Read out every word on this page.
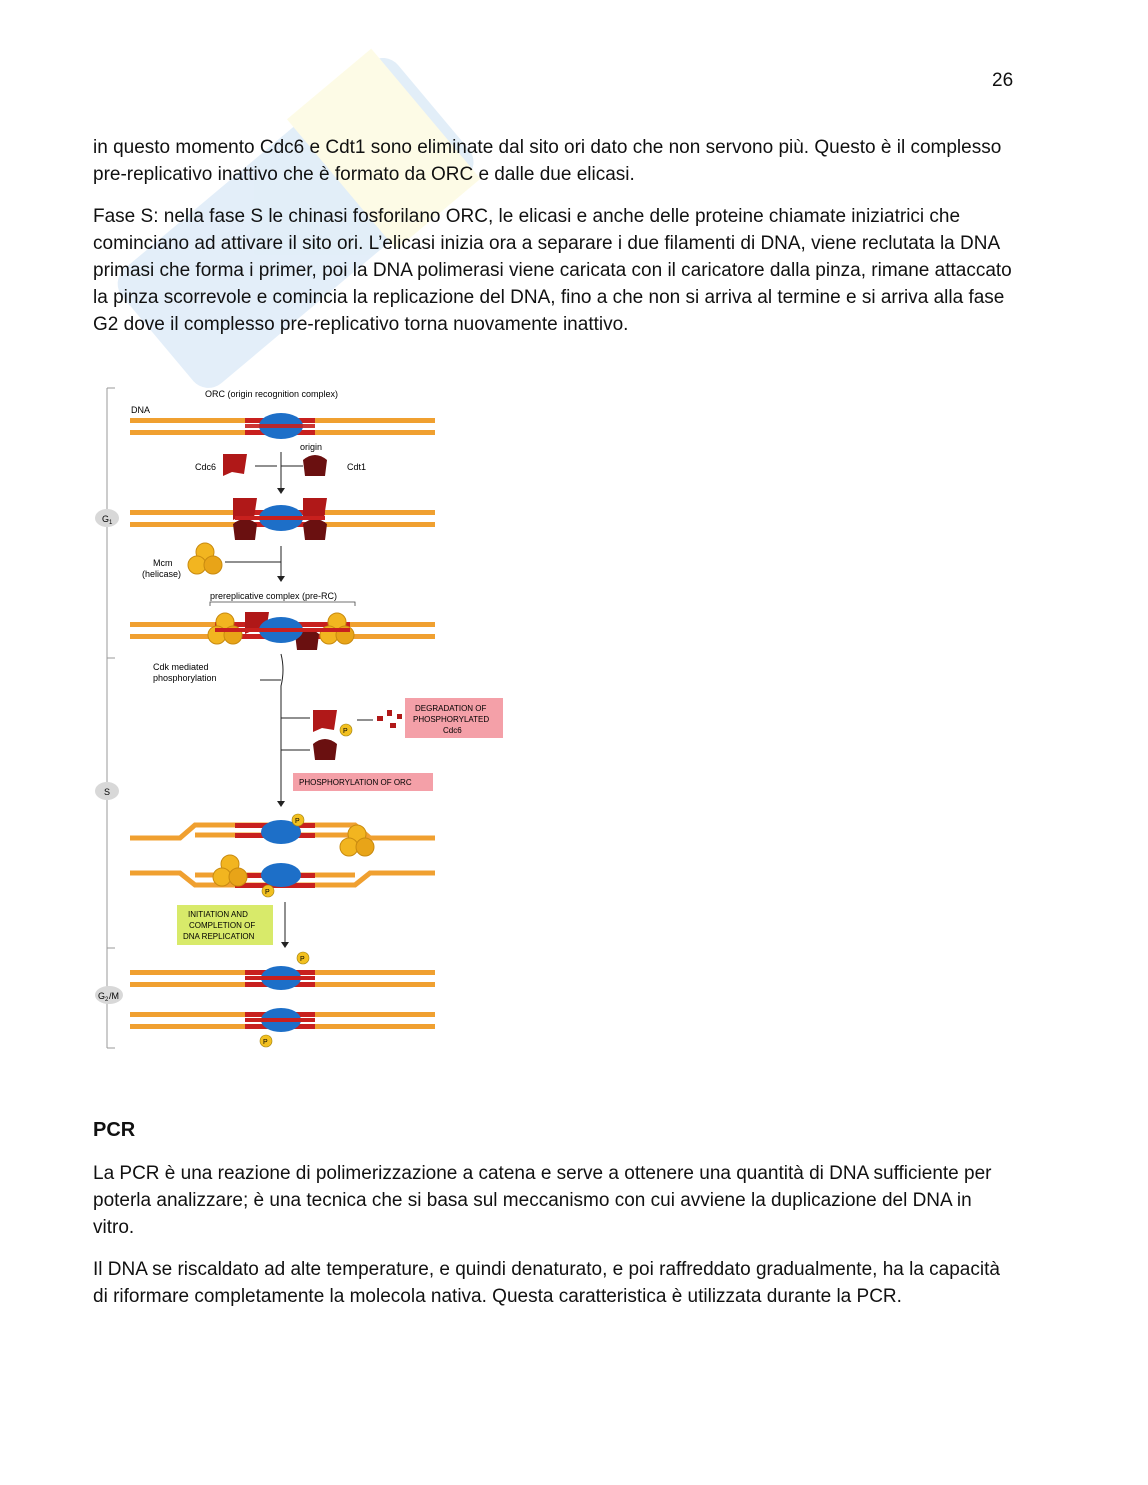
26

in questo momento Cdc6 e Cdt1 sono eliminate dal sito ori dato che non servono più. Questo è il complesso pre-replicativo inattivo che è formato da ORC e dalle due elicasi.

Fase S: nella fase S le chinasi fosforilano ORC, le elicasi e anche delle proteine chiamate iniziatrici che cominciano ad attivare il sito ori. L’elicasi inizia ora a separare i due filamenti di DNA, viene reclutata la DNA primasi che forma i primer, poi la DNA polimerasi viene caricata con il caricatore dalla pinza, rimane attaccato la pinza scorrevole e comincia la replicazione del DNA, fino a che non si arriva al termine e si arriva alla fase G2 dove il complesso pre-replicativo torna nuovamente inattivo.

G 1
S
G 2 /M
ORC (origin recognition complex)
DNA
origin
Cdc6	Cdt1
Mcm
(helicase)
prereplicative complex (pre-RC)
Cdk mediated
phosphorylation
P
DEGRADATION OF
PHOSPHORYLATED
Cdc6
PHOSPHORYLATION OF ORC
P
P
INITIATION AND
COMPLETION OF
DNA REPLICATION
P
P
PCR

La PCR è una reazione di polimerizzazione a catena e serve a ottenere una quantità di DNA sufficiente per poterla analizzare; è una tecnica che si basa sul meccanismo con cui avviene la duplicazione del DNA in vitro.

Il DNA se riscaldato ad alte temperature, e quindi denaturato, e poi raffreddato gradualmente, ha la capacità di riformare completamente la molecola nativa. Questa caratteristica è utilizzata durante la PCR.
